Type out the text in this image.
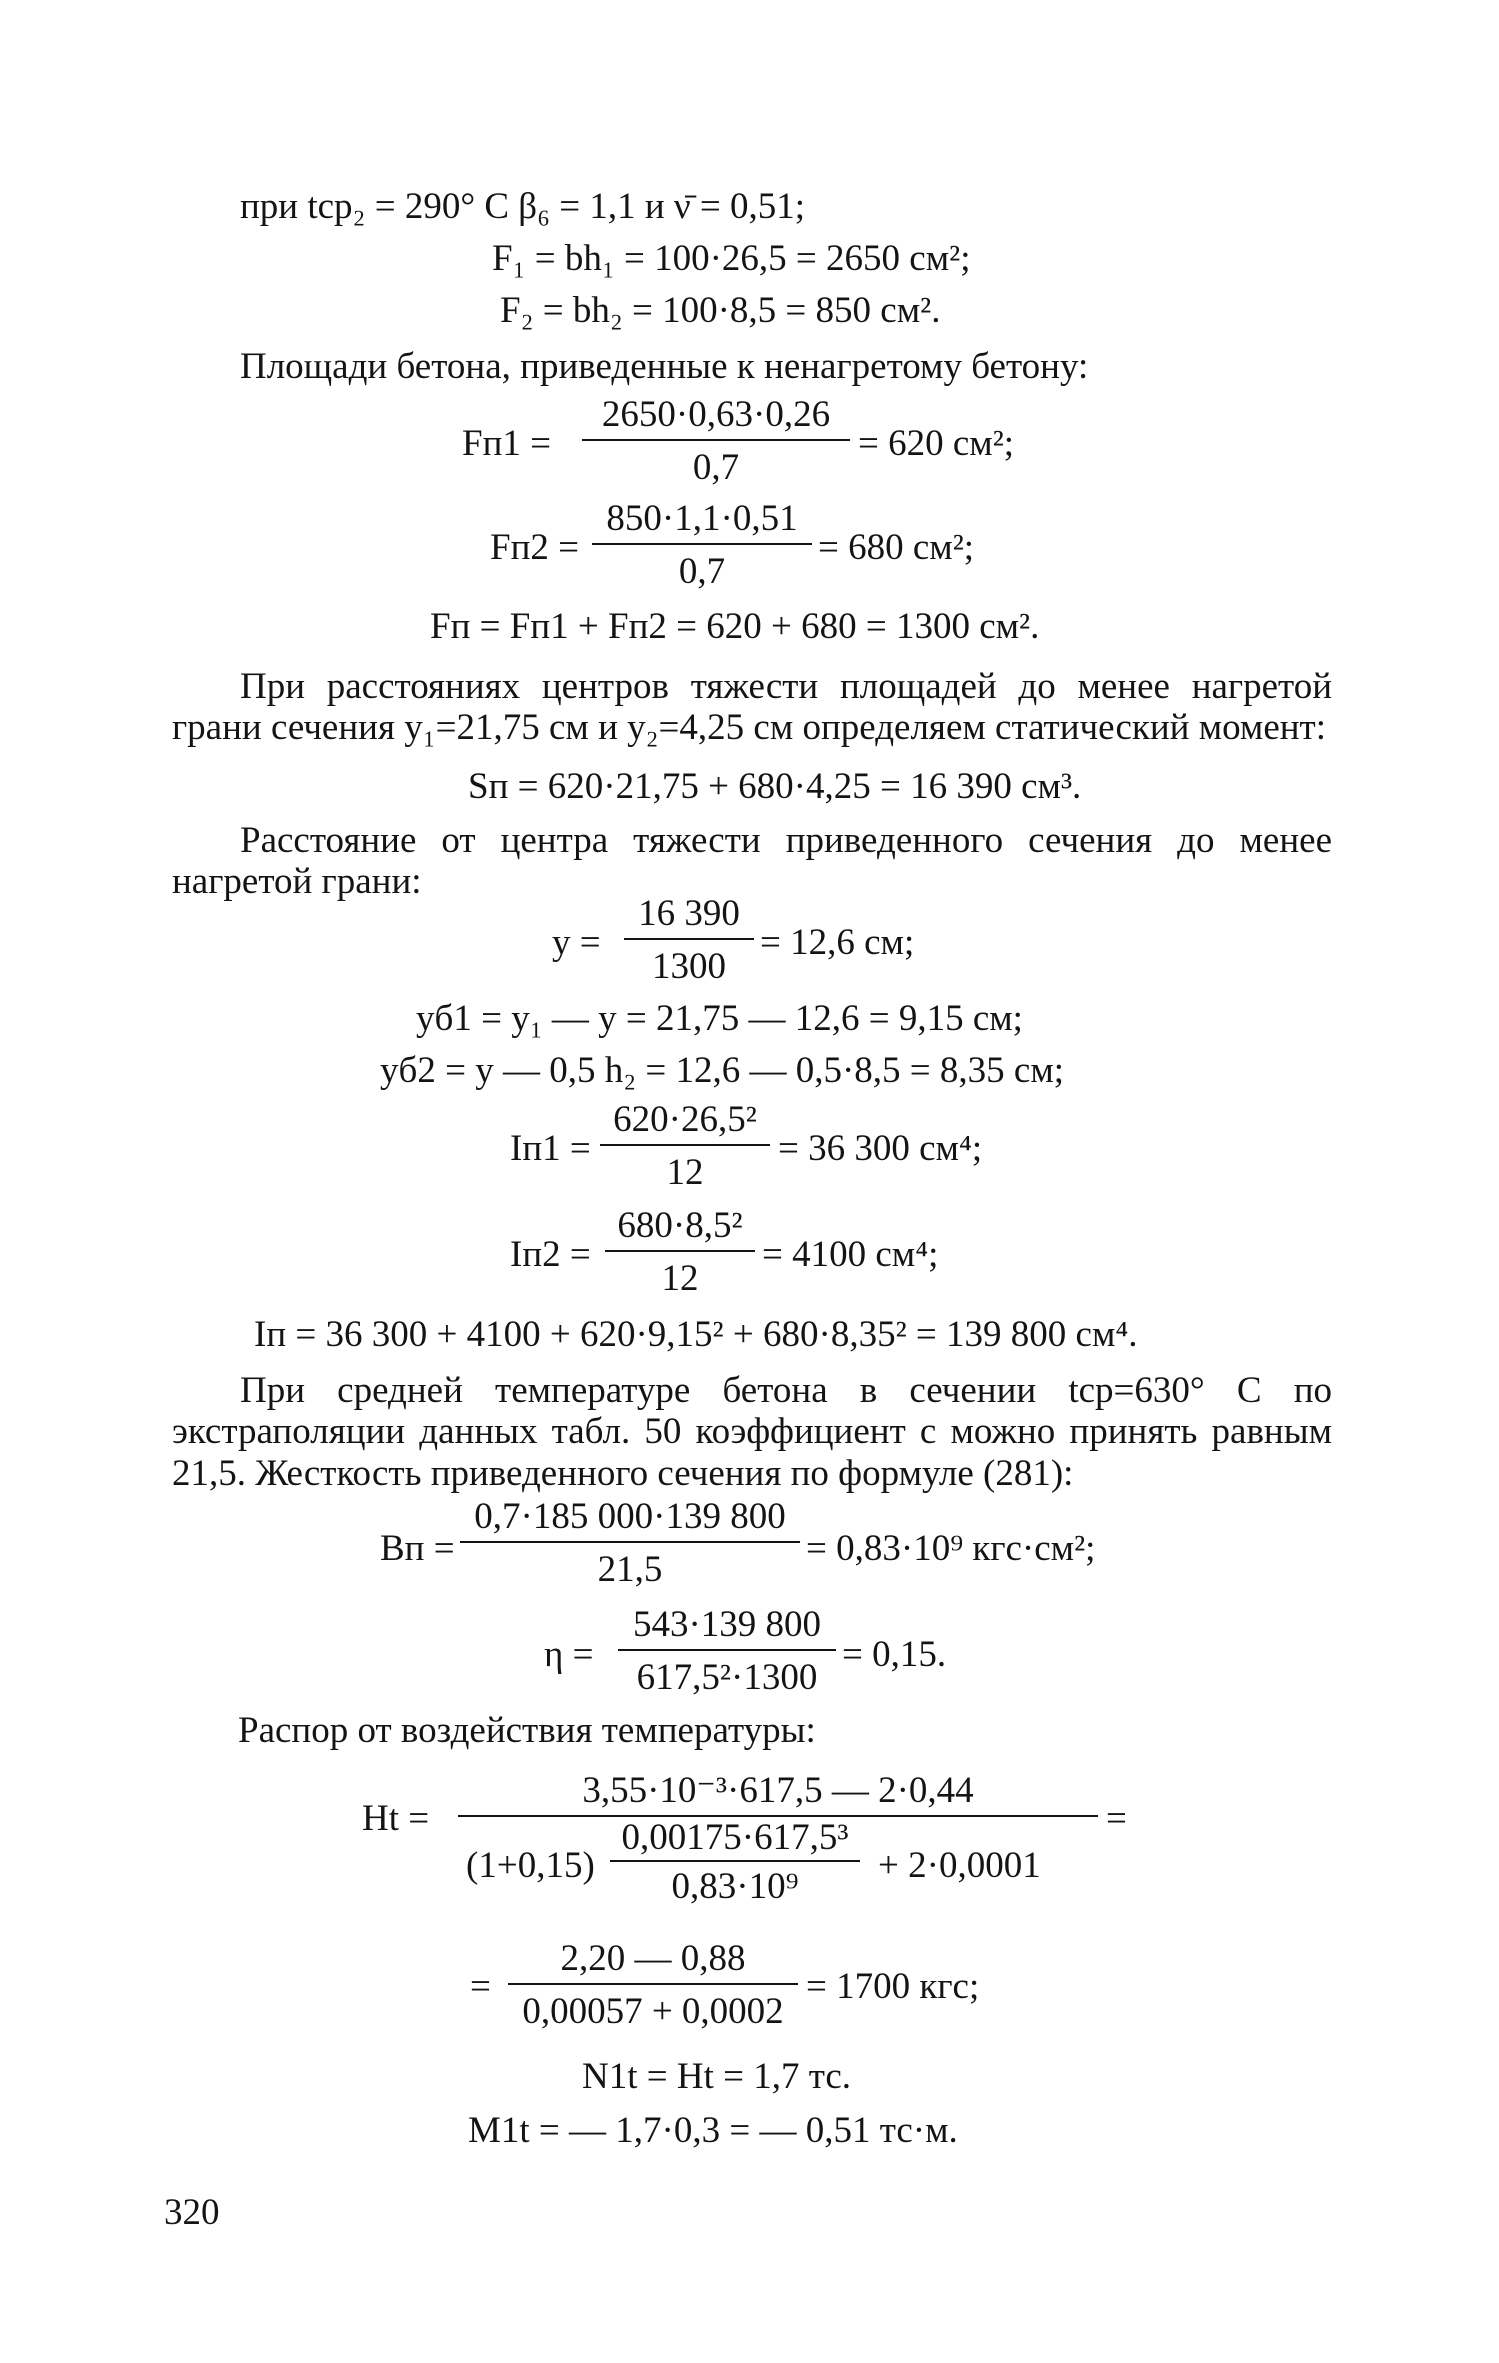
при tср₂ = 290° С β₆ = 1,1 и ν̄ = 0,51;
F₁ = bh₁ = 100·26,5 = 2650 см²;
F₂ = bh₂ = 100·8,5 = 850 см².
Площади бетона, приведенные к ненагретому бетону:
Fп1 =
2650·0,63·0,26
0,7
= 620 см²;
Fп2 =
850·1,1·0,51
0,7
= 680 см²;
Fп = Fп1 + Fп2 = 620 + 680 = 1300 см².
При расстояниях центров тяжести площадей до менее нагретой грани сечения y₁=21,75 см и y₂=4,25 см определяем статический момент:
Sп = 620·21,75 + 680·4,25 = 16 390 см³.
Расстояние от центра тяжести приведенного сечения до менее нагретой грани:
y =
16 390
1300
= 12,6 см;
yб1 = y₁ — y = 21,75 — 12,6 = 9,15 см;
yб2 = y — 0,5 h₂ = 12,6 — 0,5·8,5 = 8,35 см;
Iп1 =
620·26,5²
12
= 36 300 см⁴;
Iп2 =
680·8,5²
12
= 4100 см⁴;
Iп = 36 300 + 4100 + 620·9,15² + 680·8,35² = 139 800 см⁴.
При средней температуре бетона в сечении tср=630° С по экстраполяции данных табл. 50 коэффициент c можно принять равным 21,5. Жесткость приведенного сечения по формуле (281):
Bп =
0,7·185 000·139 800
21,5
= 0,83·10⁹ кгс·см²;
η =
543·139 800
617,5²·1300
= 0,15.
Распор от воздействия температуры:
Ht =
3,55·10⁻³·617,5 — 2·0,44
(1+0,15)
0,00175·617,5³
0,83·10⁹
+ 2·0,0001
=
=
2,20 — 0,88
0,00057 + 0,0002
= 1700 кгс;
N1t = Ht = 1,7 тс.
M1t = — 1,7·0,3 = — 0,51 тс·м.
320
